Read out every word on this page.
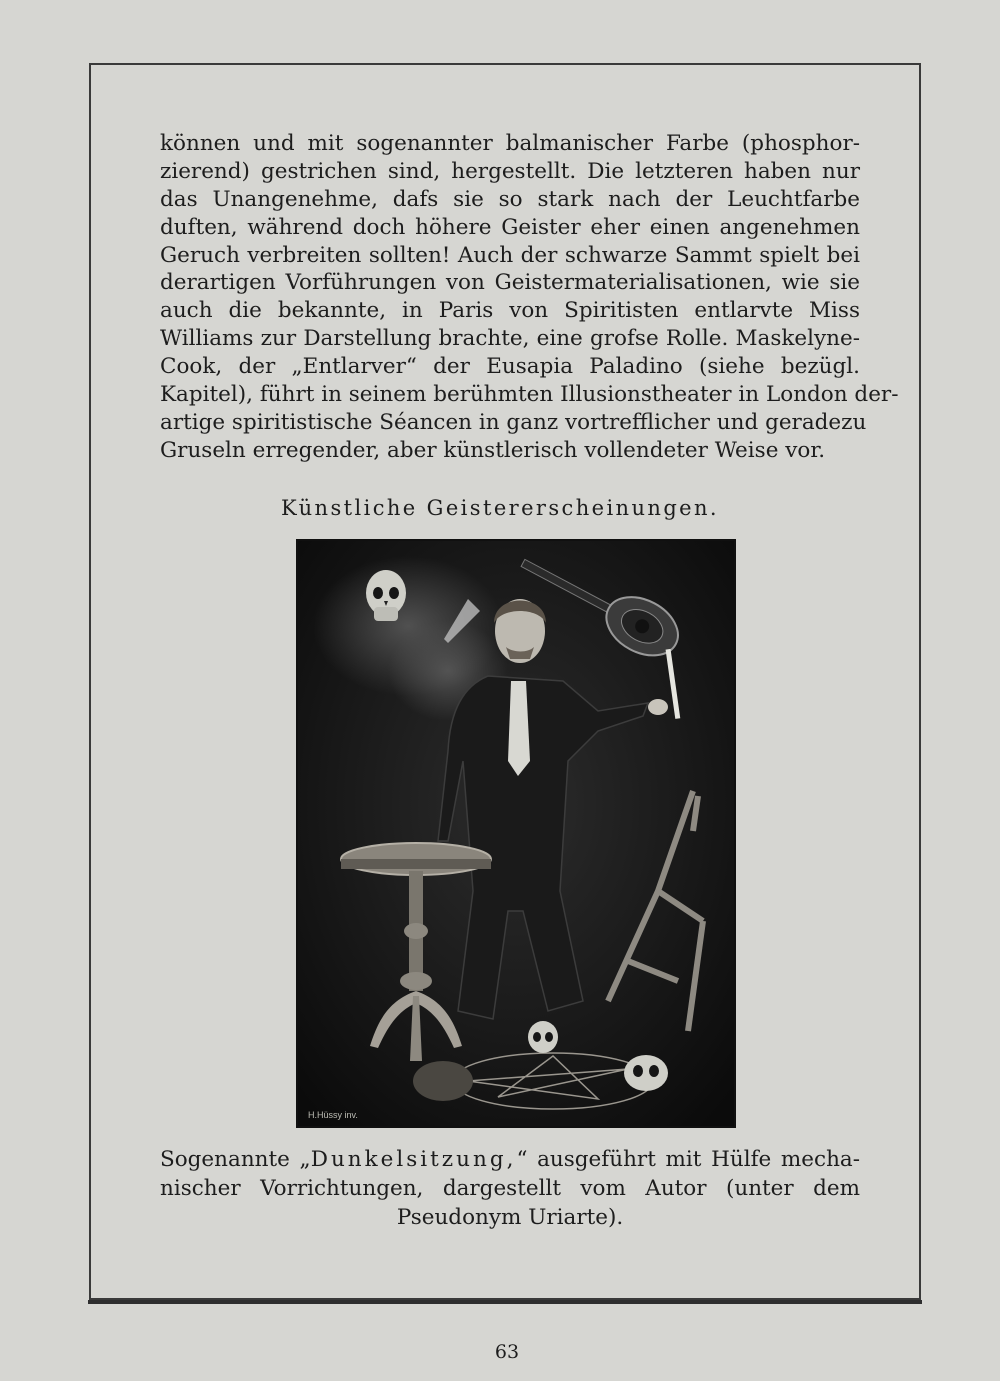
können und mit sogenannter balmanischer Farbe (phosphor-
zierend) gestrichen sind, hergestellt. Die letzteren haben nur
das Unangenehme, dafs sie so stark nach der Leuchtfarbe
duften, während doch höhere Geister eher einen angenehmen
Geruch verbreiten sollten! Auch der schwarze Sammt spielt bei
derartigen Vorführungen von Geistermaterialisationen, wie sie
auch die bekannte, in Paris von Spiritisten entlarvte Miss
Williams zur Darstellung brachte, eine grofse Rolle. Maskelyne-
Cook, der „Entlarver“ der Eusapia Paladino (siehe bezügl.
Kapitel), führt in seinem berühmten Illusionstheater in London der-
artige spiritistische Séancen in ganz vortrefflicher und geradezu
Gruseln erregender, aber künstlerisch vollendeter Weise vor.
Künstliche Geistererscheinungen.
H.Hüssy inv.
Sogenannte „Dunkelsitzung,“ ausgeführt mit Hülfe mecha-
nischer Vorrichtungen, dargestellt vom Autor (unter dem
Pseudonym Uriarte).
63
